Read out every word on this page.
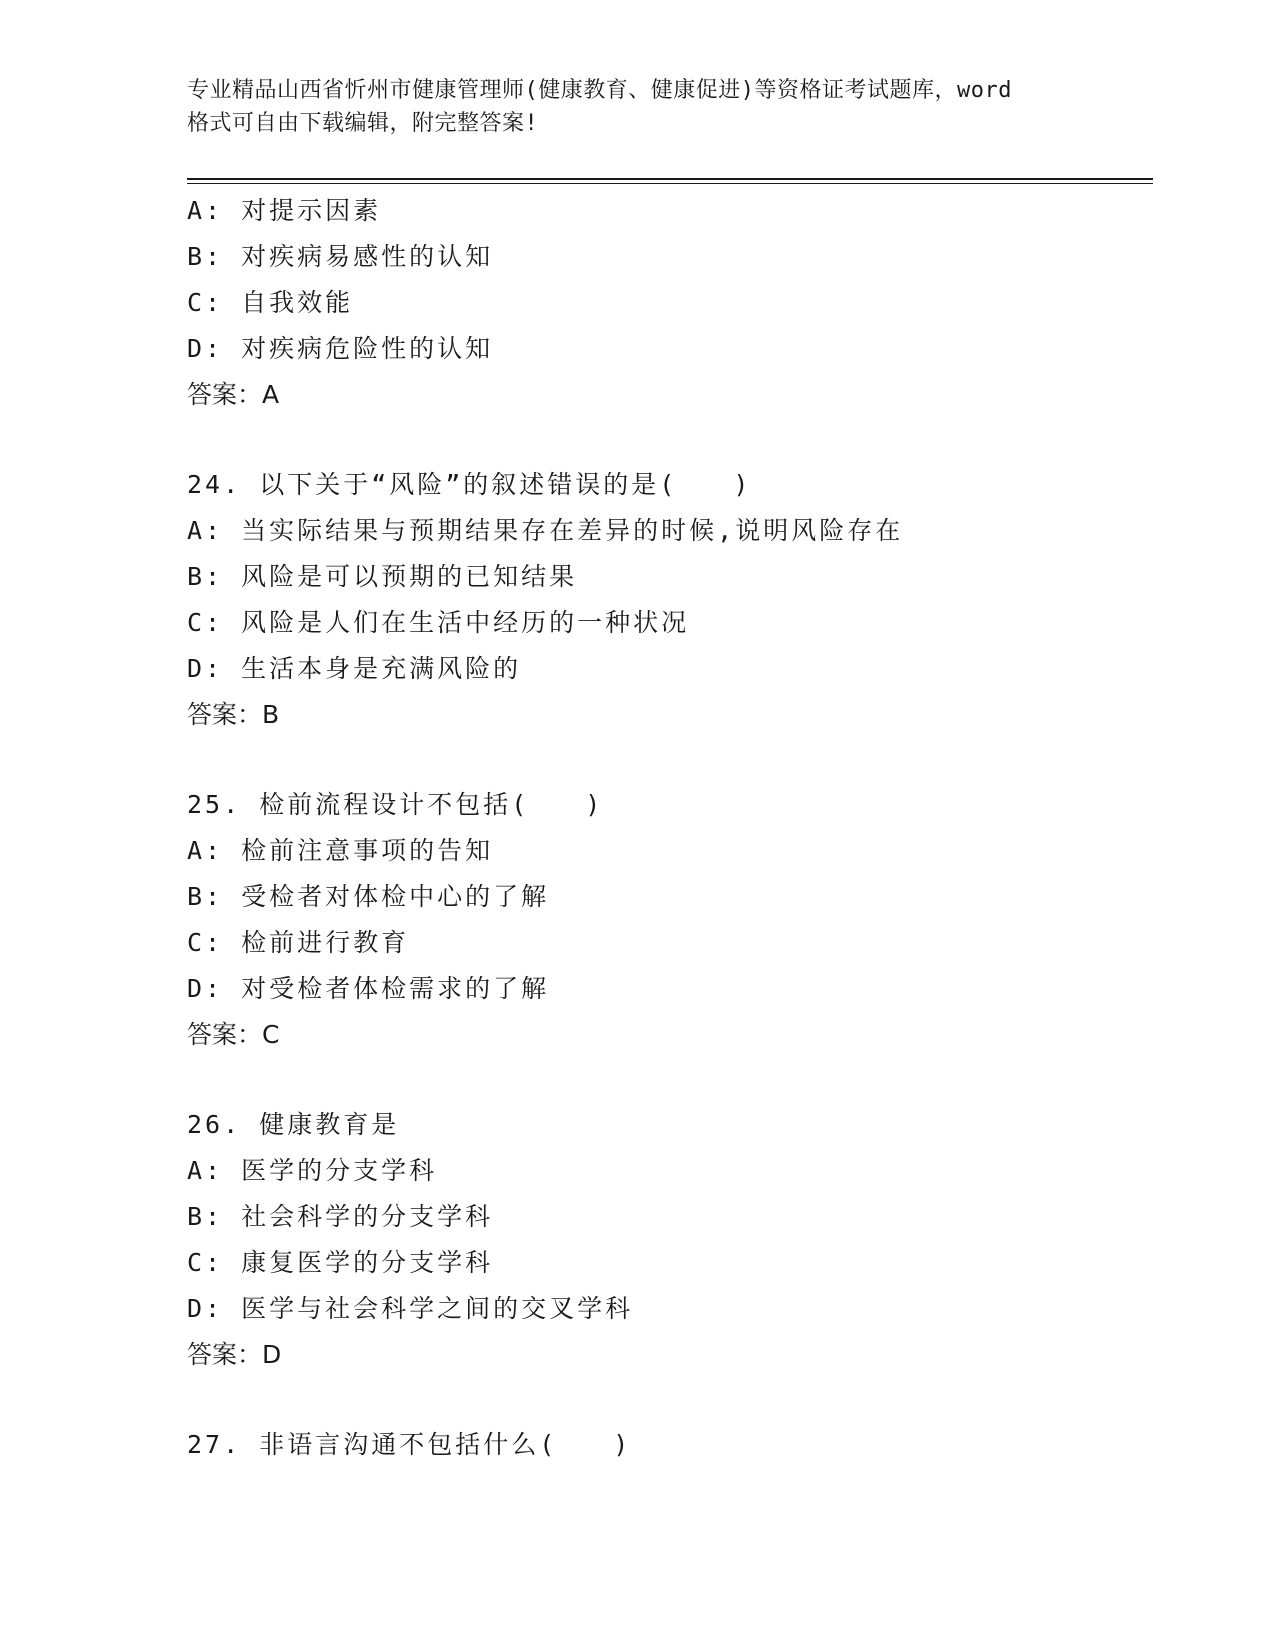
专业精品山西省忻州市健康管理师(健康教育、健康促进)等资格证考试题库，word
格式可自由下载编辑，附完整答案!
A: 对提示因素
B: 对疾病易感性的认知
C: 自我效能
D: 对疾病危险性的认知
答案：A
24. 以下关于“风险”的叙述错误的是(　　)
A: 当实际结果与预期结果存在差异的时候,说明风险存在
B: 风险是可以预期的已知结果
C: 风险是人们在生活中经历的一种状况
D: 生活本身是充满风险的
答案：B
25. 检前流程设计不包括(　　)
A: 检前注意事项的告知
B: 受检者对体检中心的了解
C: 检前进行教育
D: 对受检者体检需求的了解
答案：C
26. 健康教育是
A: 医学的分支学科
B: 社会科学的分支学科
C: 康复医学的分支学科
D: 医学与社会科学之间的交叉学科
答案：D
27. 非语言沟通不包括什么(　　)
